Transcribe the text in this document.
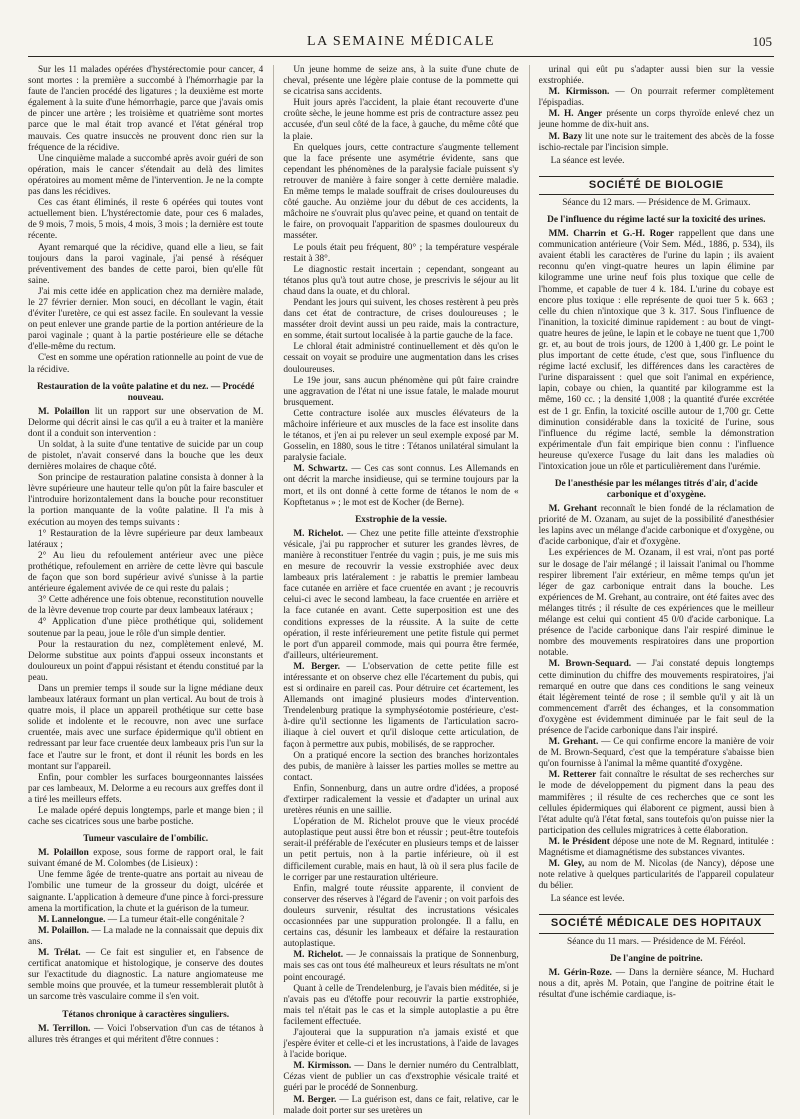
LA SEMAINE MÉDICALE	105

Sur les 11 malades opérées d'hystérectomie pour cancer, 4 sont mortes : la première a succombé à l'hémorrhagie par la faute de l'ancien procédé des ligatures ; la deuxième est morte également à la suite d'une hémorrhagie, parce que j'avais omis de pincer une artère ; les troisième et quatrième sont mortes parce que le mal était trop avancé et l'état général trop mauvais. Ces quatre insuccès ne prouvent donc rien sur la fréquence de la récidive.

Une cinquième malade a succombé après avoir guéri de son opération, mais le cancer s'étendait au delà des limites opératoires au moment même de l'intervention. Je ne la compte pas dans les récidives.

Ces cas étant éliminés, il reste 6 opérées qui toutes vont actuellement bien. L'hystérectomie date, pour ces 6 malades, de 9 mois, 7 mois, 5 mois, 4 mois, 3 mois ; la dernière est toute récente.

Ayant remarqué que la récidive, quand elle a lieu, se fait toujours dans la paroi vaginale, j'ai pensé à réséquer préventivement des bandes de cette paroi, bien qu'elle fût saine.

J'ai mis cette idée en application chez ma dernière malade, le 27 février dernier. Mon souci, en décollant le vagin, était d'éviter l'uretère, ce qui est assez facile. En soulevant la vessie on peut enlever une grande partie de la portion antérieure de la paroi vaginale ; quant à la partie postérieure elle se détache d'elle-même du rectum.

C'est en somme une opération rationnelle au point de vue de la récidive.

Restauration de la voûte palatine et du nez. — Procédé nouveau.

M. Polaillon lit un rapport sur une observation de M. Delorme qui décrit ainsi le cas qu'il a eu à traiter et la manière dont il a conduit son intervention :

Un soldat, à la suite d'une tentative de suicide par un coup de pistolet, n'avait conservé dans la bouche que les deux dernières molaires de chaque côté.

Son principe de restauration palatine consista à donner à la lèvre supérieure une hauteur telle qu'on pût la faire basculer et l'introduire horizontalement dans la bouche pour reconstituer la portion manquante de la voûte palatine. Il l'a mis à exécution au moyen des temps suivants :

1° Restauration de la lèvre supérieure par deux lambeaux latéraux ;

2° Au lieu du refoulement antérieur avec une pièce prothétique, refoulement en arrière de cette lèvre qui bascule de façon que son bord supérieur avivé s'unisse à la partie antérieure également avivée de ce qui reste du palais ;

3° Cette adhérence une fois obtenue, reconstitution nouvelle de la lèvre devenue trop courte par deux lambeaux latéraux ;

4° Application d'une pièce prothétique qui, solidement soutenue par la peau, joue le rôle d'un simple dentier.

Pour la restauration du nez, complètement enlevé, M. Delorme substitue aux points d'appui osseux inconstants et douloureux un point d'appui résistant et étendu constitué par la peau.

Dans un premier temps il soude sur la ligne médiane deux lambeaux latéraux formant un plan vertical. Au bout de trois à quatre mois, il place un appareil prothétique sur cette base solide et indolente et le recouvre, non avec une surface cruentée, mais avec une surface épidermique qu'il obtient en redressant par leur face cruentée deux lambeaux pris l'un sur la face et l'autre sur le front, et dont il réunit les bords en les montant sur l'appareil.

Enfin, pour combler les surfaces bourgeonnantes laissées par ces lambeaux, M. Delorme a eu recours aux greffes dont il a tiré les meilleurs effets.

Le malade opéré depuis longtemps, parle et mange bien ; il cache ses cicatrices sous une barbe postiche.

Tumeur vasculaire de l'ombilic.

M. Polaillon expose, sous forme de rapport oral, le fait suivant émané de M. Colombes (de Lisieux) :

Une femme âgée de trente-quatre ans portait au niveau de l'ombilic une tumeur de la grosseur du doigt, ulcérée et saignante. L'application à demeure d'une pince à forci-pressure amena la mortification, la chute et la guérison de la tumeur.

M. Lannelongue. — La tumeur était-elle congénitale ?

M. Polaillon. — La malade ne la connaissait que depuis dix ans.

M. Trélat. — Ce fait est singulier et, en l'absence de certificat anatomique et histologique, je conserve des doutes sur l'exactitude du diagnostic. La nature angiomateuse me semble moins que prouvée, et la tumeur ressemblerait plutôt à un sarcome très vasculaire comme il s'en voit.

Tétanos chronique à caractères singuliers.

M. Terrillon. — Voici l'observation d'un cas de tétanos à allures très étranges et qui méritent d'être connues :

Un jeune homme de seize ans, à la suite d'une chute de cheval, présente une légère plaie contuse de la pommette qui se cicatrisa sans accidents.

Huit jours après l'accident, la plaie étant recouverte d'une croûte sèche, le jeune homme est pris de contracture assez peu accusée, d'un seul côté de la face, à gauche, du même côté que la plaie.

En quelques jours, cette contracture s'augmente tellement que la face présente une asymétrie évidente, sans que cependant les phénomènes de la paralysie faciale puissent s'y retrouver de manière à faire songer à cette dernière maladie. En même temps le malade souffrait de crises douloureuses du côté gauche. Au onzième jour du début de ces accidents, la mâchoire ne s'ouvrait plus qu'avec peine, et quand on tentait de le faire, on provoquait l'apparition de spasmes douloureux du masséter.

Le pouls était peu fréquent, 80° ; la température vespérale restait à 38°.

Le diagnostic restait incertain ; cependant, songeant au tétanos plus qu'à tout autre chose, je prescrivis le séjour au lit chaud dans la ouate, et du chloral.

Pendant les jours qui suivent, les choses restèrent à peu près dans cet état de contracture, de crises douloureuses ; le masséter droit devint aussi un peu raide, mais la contracture, en somme, était surtout localisée à la partie gauche de la face.

Le chloral était administré continuellement et dès qu'on le cessait on voyait se produire une augmentation dans les crises douloureuses.

Le 19e jour, sans aucun phénomène qui pût faire craindre une aggravation de l'état ni une issue fatale, le malade mourut brusquement.

Cette contracture isolée aux muscles élévateurs de la mâchoire inférieure et aux muscles de la face est insolite dans le tétanos, et j'en ai pu relever un seul exemple exposé par M. Gosselin, en 1880, sous le titre : Tétanos unilatéral simulant la paralysie faciale.

M. Schwartz. — Ces cas sont connus. Les Allemands en ont décrit la marche insidieuse, qui se termine toujours par la mort, et ils ont donné à cette forme de tétanos le nom de « Kopftetanus » ; le mot est de Kocher (de Berne).

Exstrophie de la vessie.

M. Richelot. — Chez une petite fille atteinte d'exstrophie vésicale, j'ai pu rapprocher et suturer les grandes lèvres, de manière à reconstituer l'entrée du vagin ; puis, je me suis mis en mesure de recouvrir la vessie exstrophiée avec deux lambeaux pris latéralement : je rabattis le premier lambeau face cutanée en arrière et face cruentée en avant ; je recouvris celui-ci avec le second lambeau, la face cruentée en arrière et la face cutanée en avant. Cette superposition est une des conditions expresses de la réussite. A la suite de cette opération, il reste inférieurement une petite fistule qui permet le port d'un appareil commode, mais qui pourra être fermée, d'ailleurs, ultérieurement.

M. Berger. — L'observation de cette petite fille est intéressante et on observe chez elle l'écartement du pubis, qui est si ordinaire en pareil cas. Pour détruire cet écartement, les Allemands ont imaginé plusieurs modes d'intervention. Trendelenburg pratique la symphyséotomie postérieure, c'est-à-dire qu'il sectionne les ligaments de l'articulation sacro-iliaque à ciel ouvert et qu'il disloque cette articulation, de façon à permettre aux pubis, mobilisés, de se rapprocher.

On a pratiqué encore la section des branches horizontales des pubis, de manière à laisser les parties molles se mettre au contact.

Enfin, Sonnenburg, dans un autre ordre d'idées, a proposé d'extirper radicalement la vessie et d'adapter un urinal aux uretères réunis en une saillie.

L'opération de M. Richelot prouve que le vieux procédé autoplastique peut aussi être bon et réussir ; peut-être toutefois serait-il préférable de l'exécuter en plusieurs temps et de laisser un petit pertuis, non à la partie inférieure, où il est difficilement curable, mais en haut, là où il sera plus facile de le corriger par une restauration ultérieure.

Enfin, malgré toute réussite apparente, il convient de conserver des réserves à l'égard de l'avenir ; on voit parfois des douleurs survenir, résultat des incrustations vésicales occasionnées par une suppuration prolongée. Il a fallu, en certains cas, désunir les lambeaux et défaire la restauration autoplastique.

M. Richelot. — Je connaissais la pratique de Sonnenburg, mais ses cas ont tous été malheureux et leurs résultats ne m'ont point encouragé.

Quant à celle de Trendelenburg, je l'avais bien méditée, si je n'avais pas eu d'étoffe pour recouvrir la partie exstrophiée, mais tel n'était pas le cas et la simple autoplastie a pu être facilement effectuée.

J'ajouterai que la suppuration n'a jamais existé et que j'espère éviter et celle-ci et les incrustations, à l'aide de lavages à l'acide borique.

M. Kirmisson. — Dans le dernier numéro du Centralblatt, Cézas vient de publier un cas d'exstrophie vésicale traité et guéri par le procédé de Sonnenburg.

M. Berger. — La guérison est, dans ce fait, relative, car le malade doit porter sur ses uretères un

urinal qui eût pu s'adapter aussi bien sur la vessie exstrophiée.

M. Kirmisson. — On pourrait refermer complètement l'épispadias.

M. H. Anger présente un corps thyroïde enlevé chez un jeune homme de dix-huit ans.

M. Bazy lit une note sur le traitement des abcès de la fosse ischio-rectale par l'incision simple.

La séance est levée.
SOCIÉTÉ DE BIOLOGIE
Séance du 12 mars. — Présidence de M. Grimaux.
De l'influence du régime lacté sur la toxicité des urines.

MM. Charrin et G.-H. Roger rappellent que dans une communication antérieure (Voir Sem. Méd., 1886, p. 534), ils avaient établi les caractères de l'urine du lapin ; ils avaient reconnu qu'en vingt-quatre heures un lapin élimine par kilogramme une urine neuf fois plus toxique que celle de l'homme, et capable de tuer 4 k. 184. L'urine du cobaye est encore plus toxique : elle représente de quoi tuer 5 k. 663 ; celle du chien n'intoxique que 3 k. 317. Sous l'influence de l'inanition, la toxicité diminue rapidement : au bout de vingt-quatre heures de jeûne, le lapin et le cobaye ne tuent que 1,700 gr. et, au bout de trois jours, de 1200 à 1,400 gr. Le point le plus important de cette étude, c'est que, sous l'influence du régime lacté exclusif, les différences dans les caractères de l'urine disparaissent : quel que soit l'animal en expérience, lapin, cobaye ou chien, la quantité par kilogramme est la même, 160 cc. ; la densité 1,008 ; la quantité d'urée excrétée est de 1 gr. Enfin, la toxicité oscille autour de 1,700 gr. Cette diminution considérable dans la toxicité de l'urine, sous l'influence du régime lacté, semble la démonstration expérimentale d'un fait empirique bien connu : l'influence heureuse qu'exerce l'usage du lait dans les maladies où l'intoxication joue un rôle et particulièrement dans l'urémie.

De l'anesthésie par les mélanges titrés d'air, d'acide carbonique et d'oxygène.

M. Grehant reconnaît le bien fondé de la réclamation de priorité de M. Ozanam, au sujet de la possibilité d'anesthésier les lapins avec un mélange d'acide carbonique et d'oxygène, ou d'acide carbonique, d'air et d'oxygène.

Les expériences de M. Ozanam, il est vrai, n'ont pas porté sur le dosage de l'air mélangé ; il laissait l'animal ou l'homme respirer librement l'air extérieur, en même temps qu'un jet léger de gaz carbonique entrait dans la bouche. Les expériences de M. Grehant, au contraire, ont été faites avec des mélanges titrés ; il résulte de ces expériences que le meilleur mélange est celui qui contient 45 0/0 d'acide carbonique. La présence de l'acide carbonique dans l'air respiré diminue le nombre des mouvements respiratoires dans une proportion notable.

M. Brown-Sequard. — J'ai constaté depuis longtemps cette diminution du chiffre des mouvements respiratoires, j'ai remarqué en outre que dans ces conditions le sang veineux était légèrement teinté de rose ; il semble qu'il y ait là un commencement d'arrêt des échanges, et la consommation d'oxygène est évidemment diminuée par le fait seul de la présence de l'acide carbonique dans l'air inspiré.

M. Grehant. — Ce qui confirme encore la manière de voir de M. Brown-Sequard, c'est que la température s'abaisse bien qu'on fournisse à l'animal la même quantité d'oxygène.

M. Retterer fait connaître le résultat de ses recherches sur le mode de développement du pigment dans la peau des mammifères ; il résulte de ces recherches que ce sont les cellules épidermiques qui élaborent ce pigment, aussi bien à l'état adulte qu'à l'état fœtal, sans toutefois qu'on puisse nier la participation des cellules migratrices à cette élaboration.

M. le Président dépose une note de M. Regnard, intitulée : Magnétisme et diamagnétisme des substances vivantes.

M. Gley, au nom de M. Nicolas (de Nancy), dépose une note relative à quelques particularités de l'appareil copulateur du bélier.

La séance est levée.
SOCIÉTÉ MÉDICALE DES HOPITAUX
Séance du 11 mars. — Présidence de M. Féréol.
De l'angine de poitrine.

M. Gérin-Roze. — Dans la dernière séance, M. Huchard nous a dit, après M. Potain, que l'angine de poitrine était le résultat d'une ischémie cardiaque, is-
